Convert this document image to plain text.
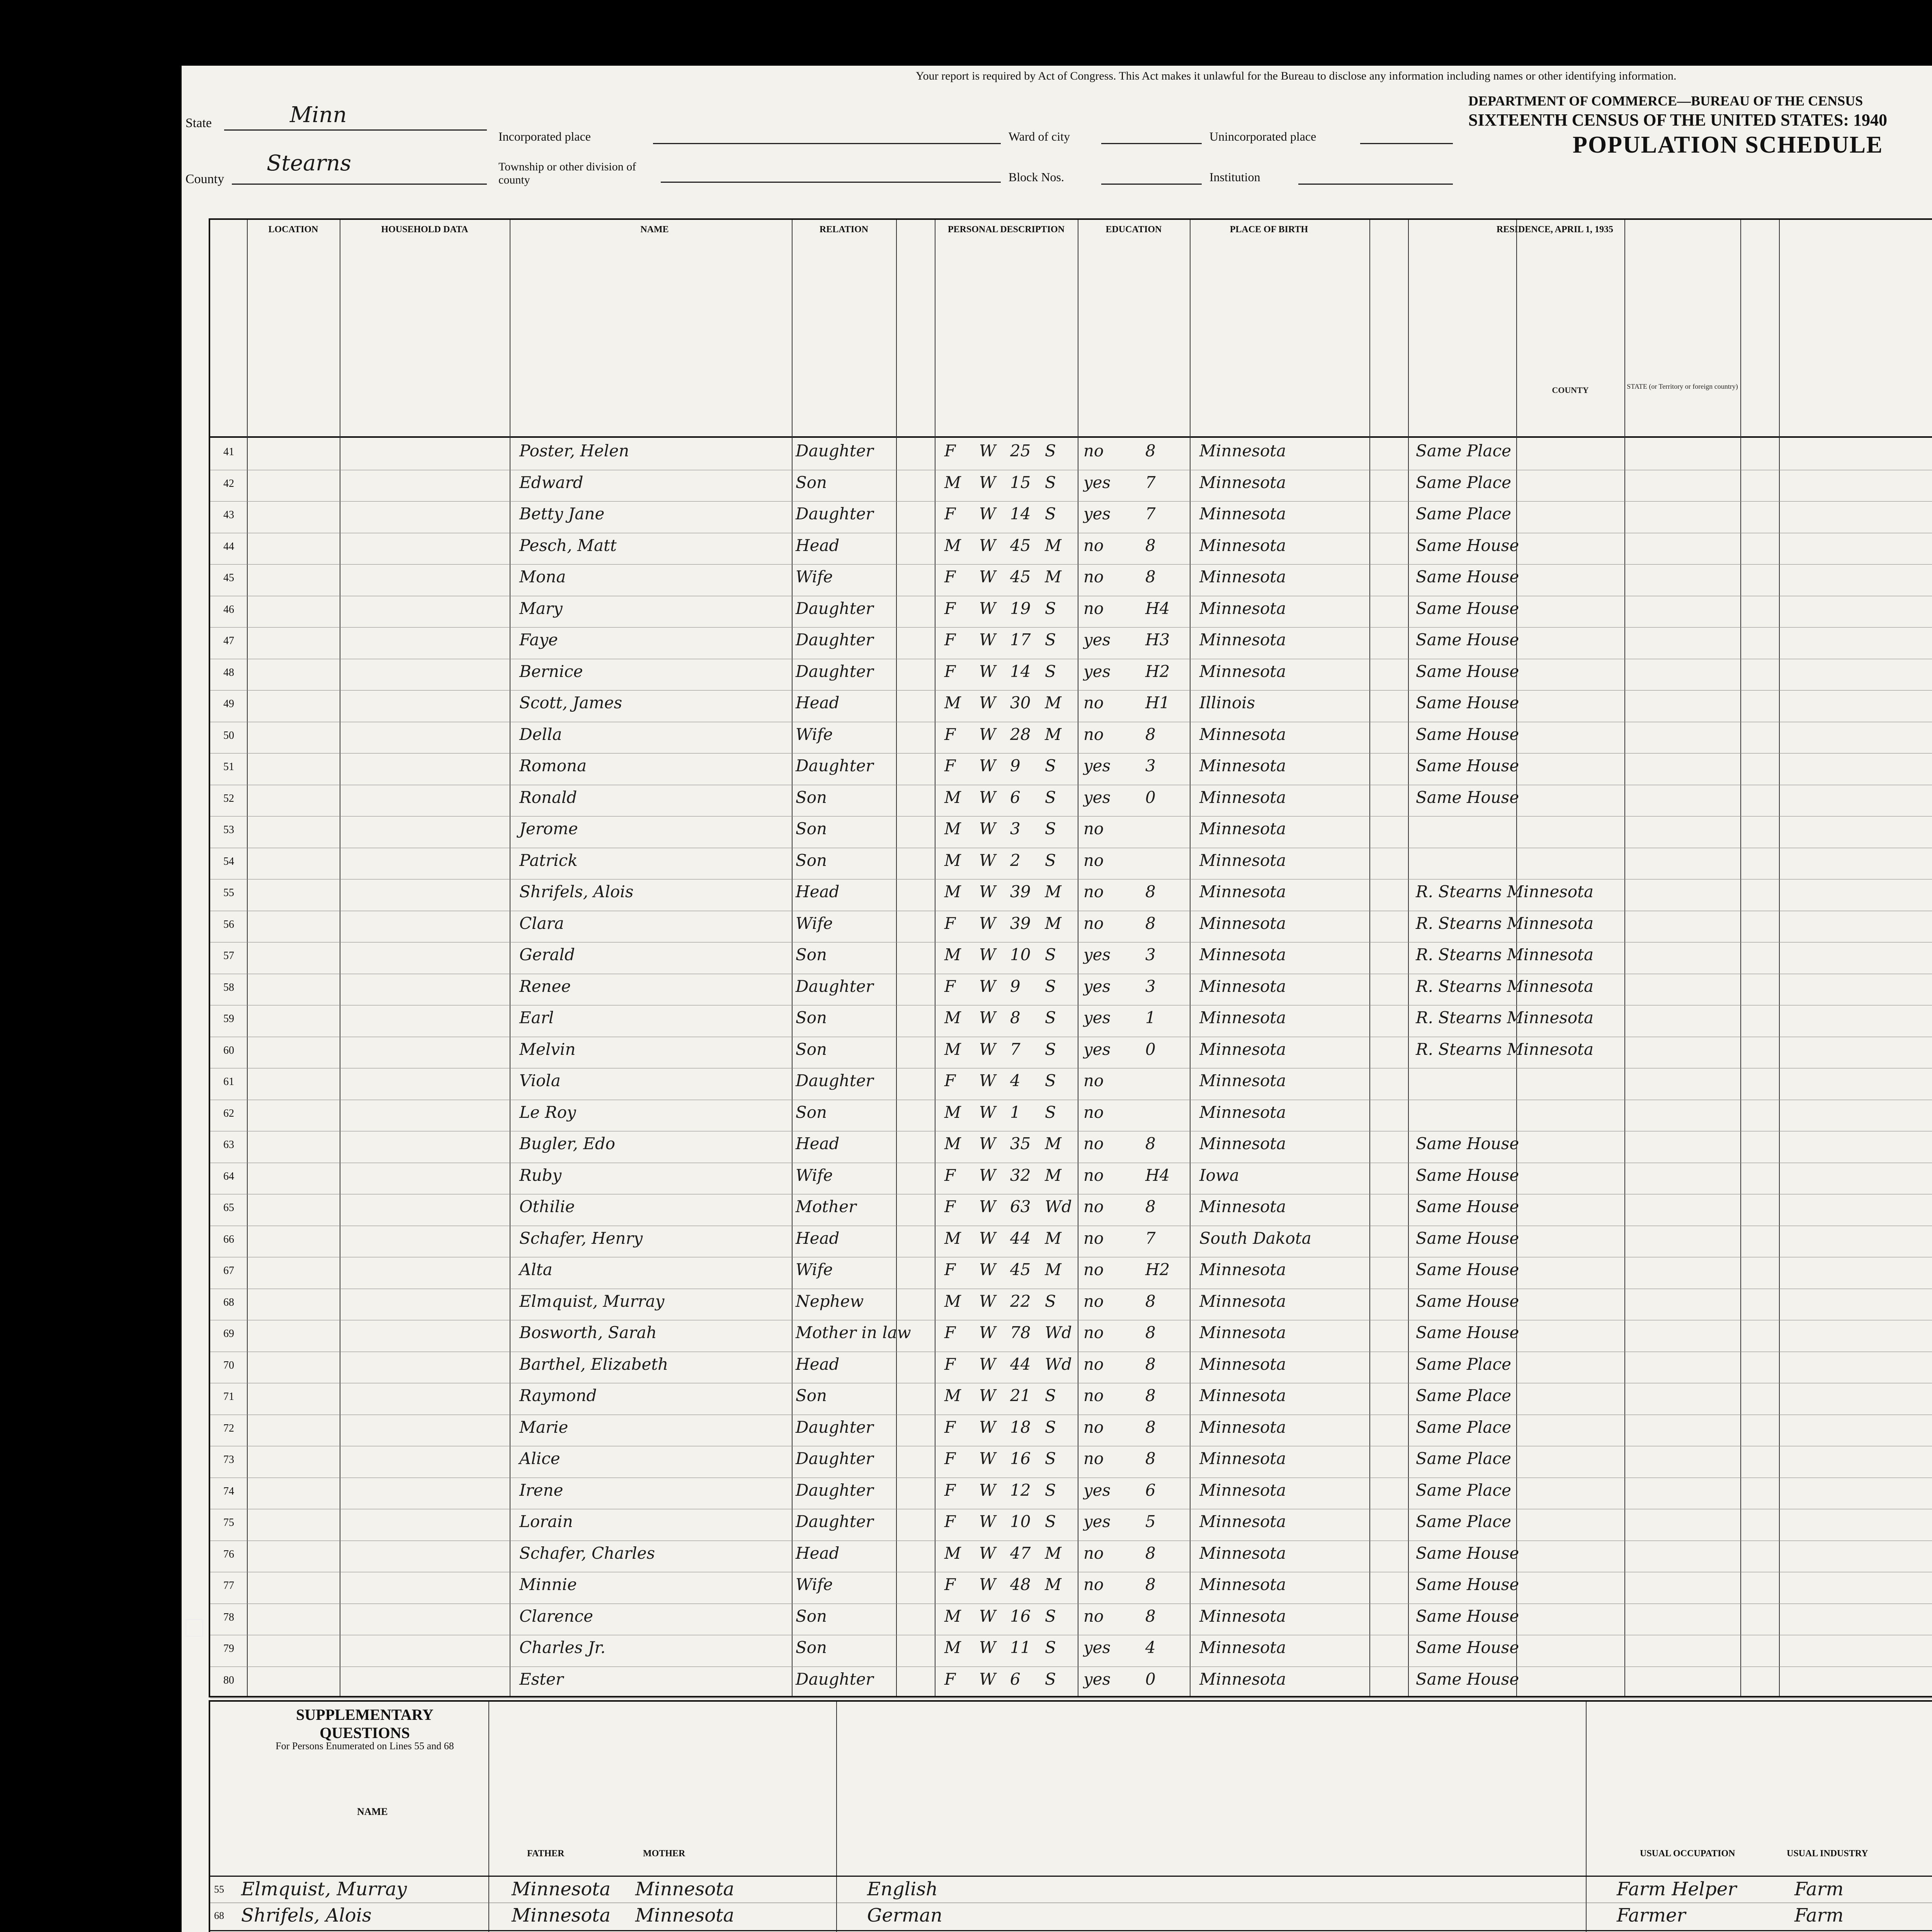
Your report is required by Act of Congress. This Act makes it unlawful for the Bureau to disclose any information including names or other identifying information.
DEPARTMENT OF COMMERCE—BUREAU OF THE CENSUS
SIXTEENTH CENSUS OF THE UNITED STATES: 1940
POPULATION SCHEDULE
State	Minn
County
Stearns
Incorporated place
Township or other division of county
Ward of city
Block Nos.
Unincorporated place
Institution
LOCATION	HOUSEHOLD DATA	NAME	RELATION	PERSONAL DESCRIPTION	EDUCATION	PLACE OF BIRTH	RESIDENCE, APRIL 1, 1935
COUNTY	STATE (or Territory or foreign country)
41	Poster, Helen	Daughter	F W 25 S no	8	Minnesota	Same Place
42	Edward	Son	M W 15 S yes 7	Minnesota	Same Place
43	Betty Jane	Daughter	F W 14 S yes 7	Minnesota	Same Place
44	Pesch, Matt	Head	M W 45 M no	8	Minnesota	Same House
45	Mona	Wife	F W 45 M no	8	Minnesota	Same House
46	Mary	Daughter	F W 19 S no	H4 Minnesota	Same House
47	Faye	Daughter	F W 17 S yes H3 Minnesota	Same House
48	Bernice	Daughter	F W 14 S yes H2 Minnesota	Same House
49	Scott, James	Head	M W 30 M no	H1 Illinois	Same House
50	Della	Wife	F W 28 M no	8	Minnesota	Same House
51	Romona	Daughter	F W 9 S yes 3	Minnesota	Same House
52	Ronald	Son	M W 6 S yes 0	Minnesota	Same House
53	Jerome	Son	M W 3 S no	Minnesota
54	Patrick	Son	M W 2 S no	Minnesota
55	Shrifels, Alois	Head	M W 39 M no	8	Minnesota	R. Stearns Minnesota
56	Clara	Wife	F W 39 M no	8	Minnesota	R. Stearns Minnesota
57	Gerald	Son	M W 10 S yes 3	Minnesota	R. Stearns Minnesota
58	Renee	Daughter	F W 9 S yes 3	Minnesota	R. Stearns Minnesota
59	Earl	Son	M W 8 S yes 1	Minnesota	R. Stearns Minnesota
60	Melvin	Son	M W 7 S yes 0	Minnesota	R. Stearns Minnesota
61	Viola	Daughter	F W 4 S no	Minnesota
62	Le Roy	Son	M W 1 S no	Minnesota
63	Bugler, Edo	Head	M W 35 M no	8	Minnesota	Same House
64	Ruby	Wife	F W 32 M no	H4 Iowa	Same House
65	Othilie	Mother	F W 63 Wd no	8	Minnesota	Same House
66	Schafer, Henry	Head	M W 44 M no	7	South Dakota	Same House
67	Alta	Wife	F W 45 M no	H2 Minnesota	Same House
68	Elmquist, Murray	Nephew	M W 22 S no	8	Minnesota	Same House
69	Bosworth, Sarah	Mother in law F W 78 Wd no	8	Minnesota	Same House
70	Barthel, Elizabeth	Head	F W 44 Wd no	8	Minnesota	Same Place
71	Raymond	Son	M W 21 S no	8	Minnesota	Same Place
72	Marie	Daughter	F W 18 S no	8	Minnesota	Same Place
73	Alice	Daughter	F W 16 S no	8	Minnesota	Same Place
74	Irene	Daughter	F W 12 S yes 6	Minnesota	Same Place
75	Lorain	Daughter	F W 10 S yes 5	Minnesota	Same Place
76	Schafer, Charles	Head	M W 47 M no	8	Minnesota	Same House
77	Minnie	Wife	F W 48 M no	8	Minnesota	Same House
78	Clarence	Son	M W 16 S no	8	Minnesota	Same House
79	Charles Jr.	Son	M W 11 S yes 4	Minnesota	Same House
80	Ester	Daughter	F W 6 S yes 0	Minnesota	Same House
SUPPLEMENTARY QUESTIONS
For Persons Enumerated on Lines 55 and 68
NAME
FATHER	MOTHER	USUAL OCCUPATION	USUAL INDUSTRY
55 Elmquist, Murray	Minnesota Minnesota	English	Farm Helper	Farm
68 Shrifels, Alois	Minnesota Minnesota	German	Farmer	Farm
